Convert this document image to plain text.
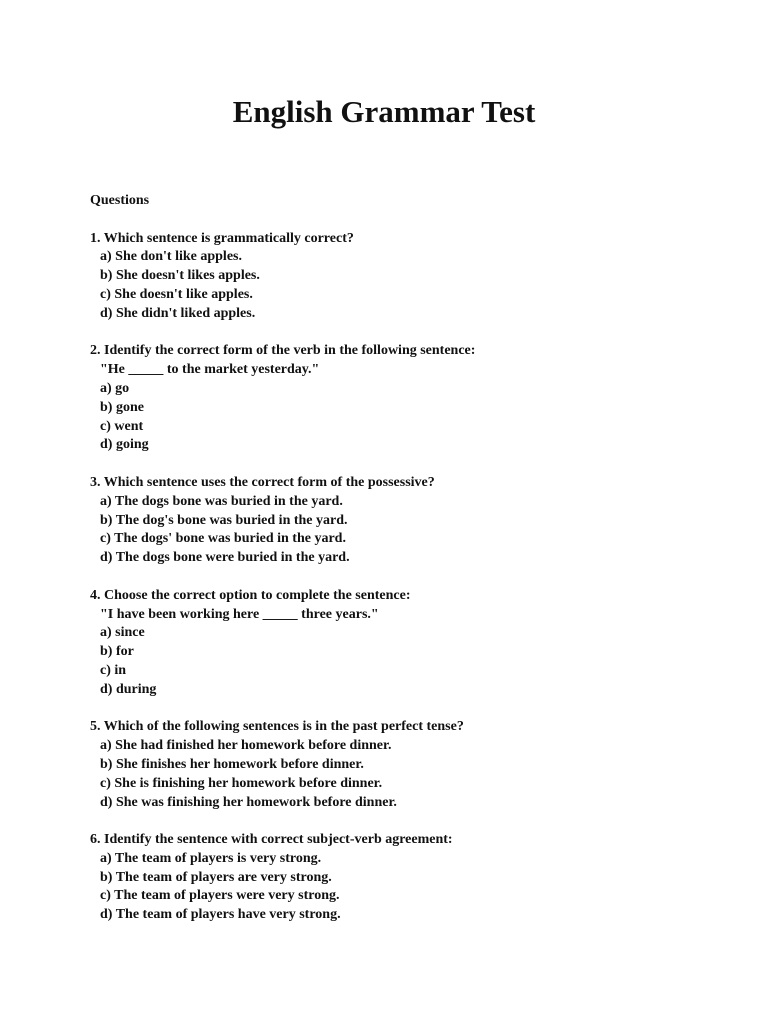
English Grammar Test
Questions
1. Which sentence is grammatically correct?
a) She don't like apples.
b) She doesn't likes apples.
c) She doesn't like apples.
d) She didn't liked apples.
2. Identify the correct form of the verb in the following sentence:
"He _____ to the market yesterday."
a) go
b) gone
c) went
d) going
3. Which sentence uses the correct form of the possessive?
a) The dogs bone was buried in the yard.
b) The dog's bone was buried in the yard.
c) The dogs' bone was buried in the yard.
d) The dogs bone were buried in the yard.
4. Choose the correct option to complete the sentence:
"I have been working here _____ three years."
a) since
b) for
c) in
d) during
5. Which of the following sentences is in the past perfect tense?
a) She had finished her homework before dinner.
b) She finishes her homework before dinner.
c) She is finishing her homework before dinner.
d) She was finishing her homework before dinner.
6. Identify the sentence with correct subject-verb agreement:
a) The team of players is very strong.
b) The team of players are very strong.
c) The team of players were very strong.
d) The team of players have very strong.
